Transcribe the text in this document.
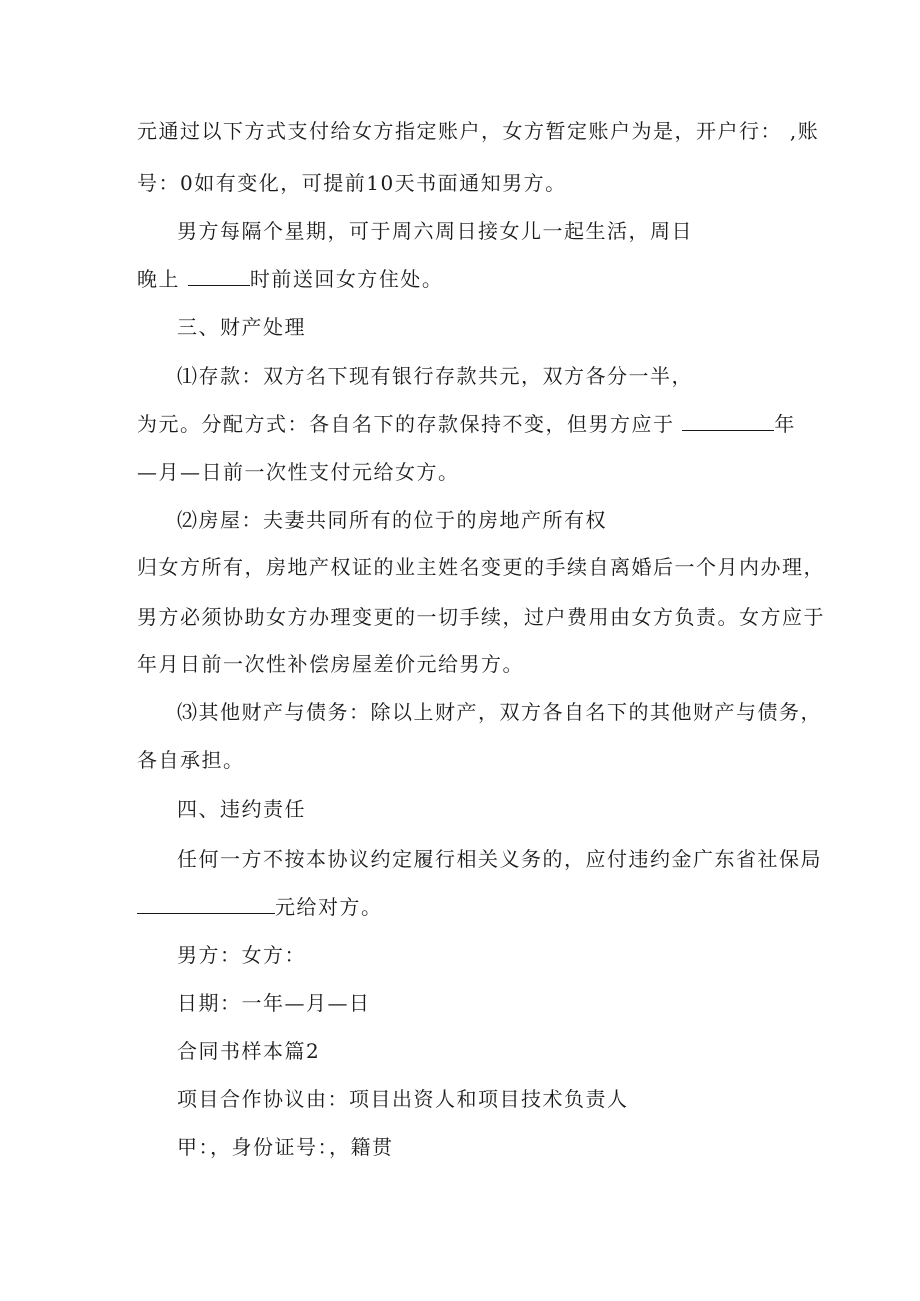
元通过以下方式支付给女方指定账户，女方暂定账户为是，开户行： ,账
号：0如有变化，可提前10天书面通知男方。
男方每隔个星期，可于周六周日接女儿一起生活，周日
晚上	时前送回女方住处。
三、财产处理
⑴存款：双方名下现有银行存款共元，双方各分一半，
为元。分配方式：各自名下的存款保持不变，但男方应于	年
—月—日前一次性支付元给女方。
⑵房屋：夫妻共同所有的位于的房地产所有权
归女方所有，房地产权证的业主姓名变更的手续自离婚后一个月内办理，
男方必须协助女方办理变更的一切手续，过户费用由女方负责。女方应于
年月日前一次性补偿房屋差价元给男方。
⑶其他财产与债务：除以上财产，双方各自名下的其他财产与债务，
各自承担。
四、违约责任
任何一方不按本协议约定履行相关义务的，应付违约金广东省社保局
元给对方。
男方：女方：
日期：一年—月—日
合同书样本篇2
项目合作协议由：项目出资人和项目技术负责人
甲：，身份证号：，籍贯
